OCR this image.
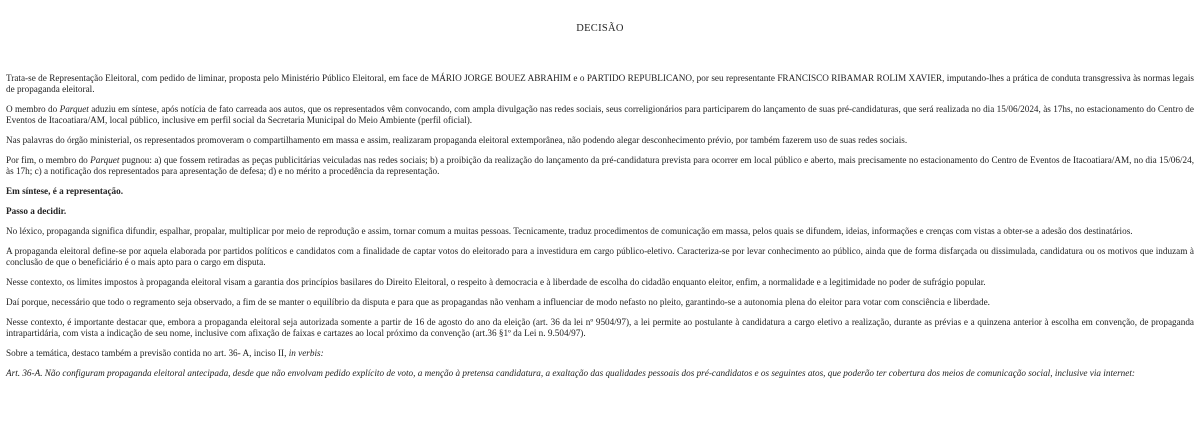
DECISÃO

Trata-se de Representação Eleitoral, com pedido de liminar, proposta pelo Ministério Público Eleitoral, em face de MÁRIO JORGE BOUEZ ABRAHIM e o PARTIDO REPUBLICANO, por seu representante FRANCISCO RIBAMAR ROLIM XAVIER, imputando-lhes a prática de conduta transgressiva às normas legais de propaganda eleitoral.

O membro do Parquet aduziu em síntese, após notícia de fato carreada aos autos, que os representados vêm convocando, com ampla divulgação nas redes sociais, seus correligionários para participarem do lançamento de suas pré-candidaturas, que será realizada no dia 15/06/2024, às 17hs, no estacionamento do Centro de Eventos de Itacoatiara/AM, local público, inclusive em perfil social da Secretaria Municipal do Meio Ambiente (perfil oficial).

Nas palavras do órgão ministerial, os representados promoveram o compartilhamento em massa e assim, realizaram propaganda eleitoral extemporânea, não podendo alegar desconhecimento prévio, por também fazerem uso de suas redes sociais.

Por fim, o membro do Parquet pugnou: a) que fossem retiradas as peças publicitárias veiculadas nas redes sociais; b) a proibição da realização do lançamento da pré-candidatura prevista para ocorrer em local público e aberto, mais precisamente no estacionamento do Centro de Eventos de Itacoatiara/AM, no dia 15/06/24, às 17h; c) a notificação dos representados para apresentação de defesa; d) e no mérito a procedência da representação.

Em síntese, é a representação.

Passo a decidir.

No léxico, propaganda significa difundir, espalhar, propalar, multiplicar por meio de reprodução e assim, tornar comum a muitas pessoas. Tecnicamente, traduz procedimentos de comunicação em massa, pelos quais se difundem, ideias, informações e crenças com vistas a obter-se a adesão dos destinatários.

A propaganda eleitoral define-se por aquela elaborada por partidos políticos e candidatos com a finalidade de captar votos do eleitorado para a investidura em cargo público-eletivo. Caracteriza-se por levar conhecimento ao público, ainda que de forma disfarçada ou dissimulada, candidatura ou os motivos que induzam à conclusão de que o beneficiário é o mais apto para o cargo em disputa.

Nesse contexto, os limites impostos à propaganda eleitoral visam a garantia dos princípios basilares do Direito Eleitoral, o respeito à democracia e à liberdade de escolha do cidadão enquanto eleitor, enfim, a normalidade e a legitimidade no poder de sufrágio popular.

Daí porque, necessário que todo o regramento seja observado, a fim de se manter o equilíbrio da disputa e para que as propagandas não venham a influenciar de modo nefasto no pleito, garantindo-se a autonomia plena do eleitor para votar com consciência e liberdade.

Nesse contexto, é importante destacar que, embora a propaganda eleitoral seja autorizada somente a partir de 16 de agosto do ano da eleição (art. 36 da lei nº 9504/97), a lei permite ao postulante à candidatura a cargo eletivo a realização, durante as prévias e a quinzena anterior à escolha em convenção, de propaganda intrapartidária, com vista a indicação de seu nome, inclusive com afixação de faixas e cartazes ao local próximo da convenção (art.36 §1º da Lei n. 9.504/97).

Sobre a temática, destaco também a previsão contida no art. 36- A, inciso II, in verbis:

Art. 36-A. Não configuram propaganda eleitoral antecipada, desde que não envolvam pedido explícito de voto, a menção à pretensa candidatura, a exaltação das qualidades pessoais dos pré-candidatos e os seguintes atos, que poderão ter cobertura dos meios de comunicação social, inclusive via internet:
